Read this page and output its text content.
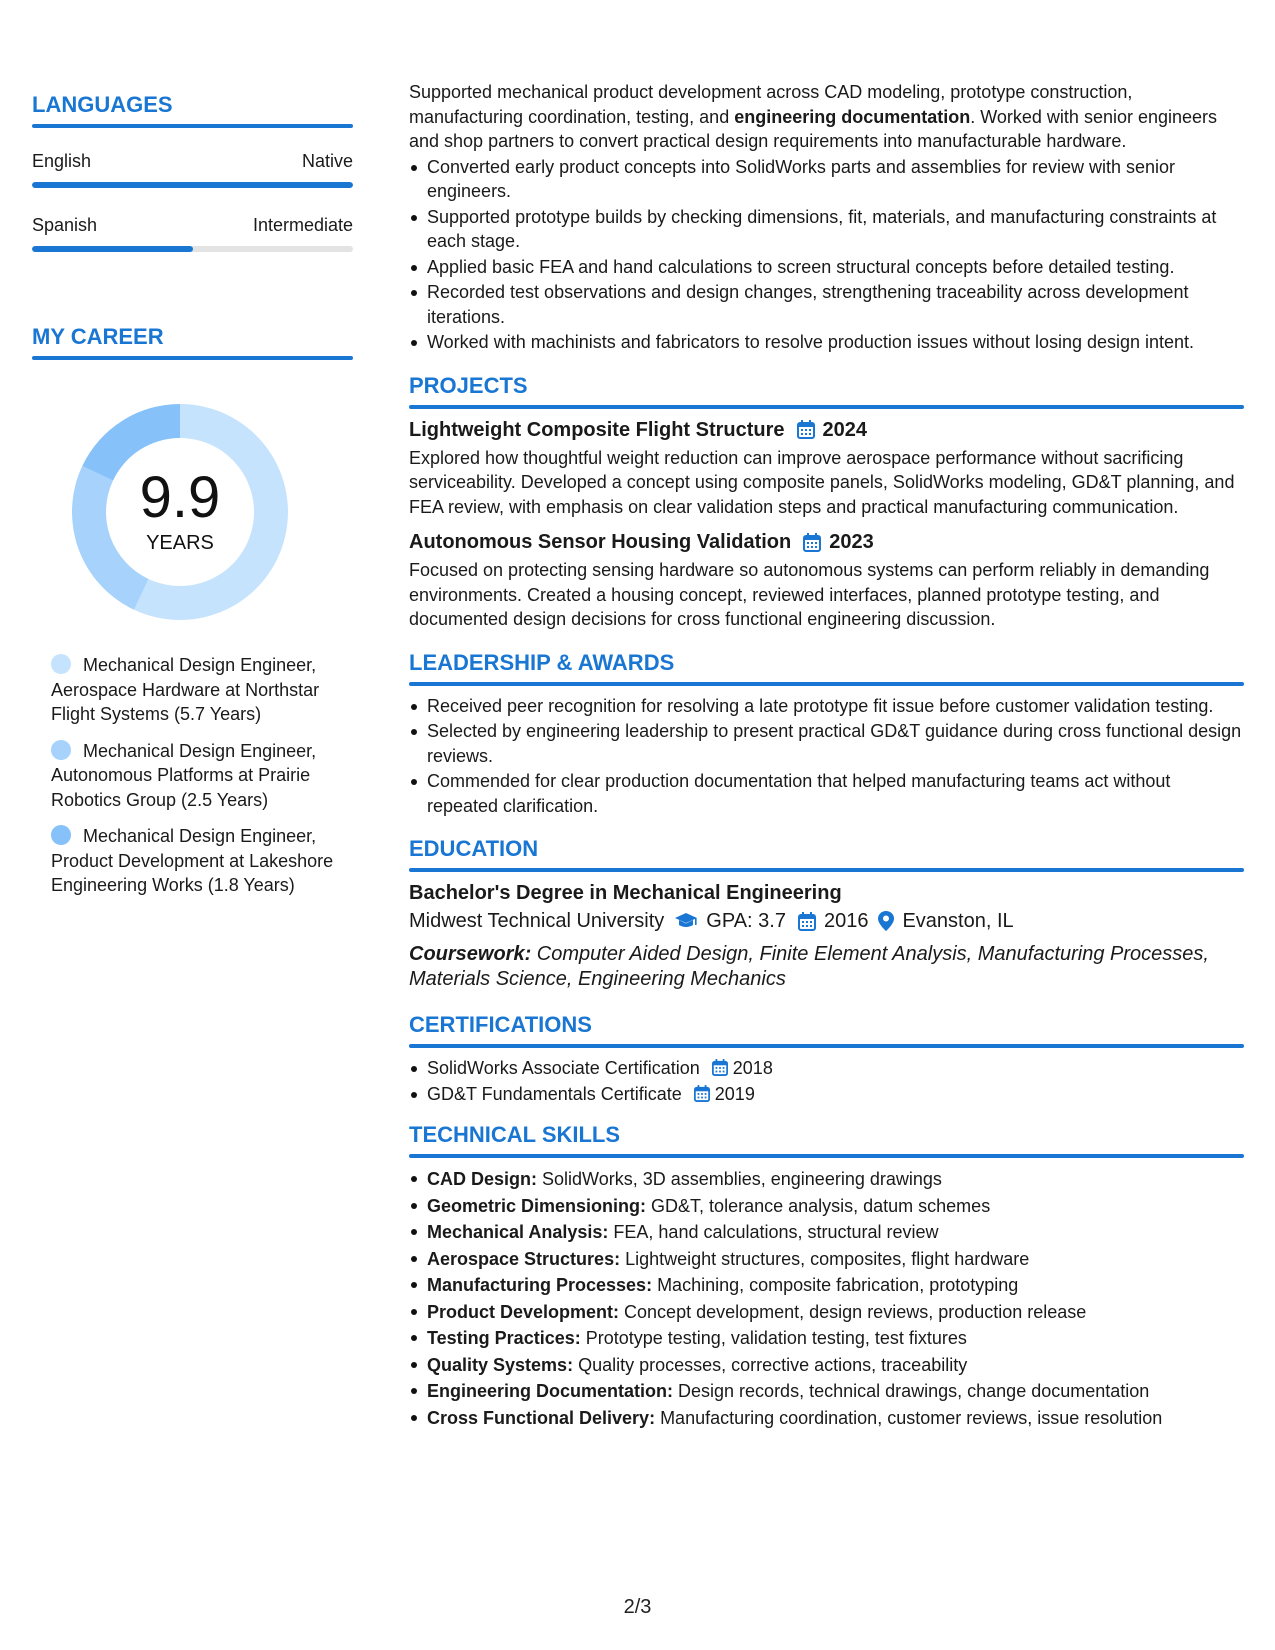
LANGUAGES
English	Native
Spanish	Intermediate
MY CAREER
9.9
YEARS
Mechanical Design Engineer, Aerospace Hardware at Northstar Flight Systems (5.7 Years)
Mechanical Design Engineer, Autonomous Platforms at Prairie Robotics Group (2.5 Years)
Mechanical Design Engineer, Product Development at Lakeshore Engineering Works (1.8 Years)

Supported mechanical product development across CAD modeling, prototype construction, manufacturing coordination, testing, and engineering documentation. Worked with senior engineers and shop partners to convert practical design requirements into manufacturable hardware.

Converted early product concepts into SolidWorks parts and assemblies for review with senior engineers.
Supported prototype builds by checking dimensions, fit, materials, and manufacturing constraints at each stage.
Applied basic FEA and hand calculations to screen structural concepts before detailed testing.
Recorded test observations and design changes, strengthening traceability across development iterations.
Worked with machinists and fabricators to resolve production issues without losing design intent.
PROJECTS
Lightweight Composite Flight Structure 2024

Explored how thoughtful weight reduction can improve aerospace performance without sacrificing serviceability. Developed a concept using composite panels, SolidWorks modeling, GD&T planning, and FEA review, with emphasis on clear validation steps and practical manufacturing communication.

Autonomous Sensor Housing Validation 2023

Focused on protecting sensing hardware so autonomous systems can perform reliably in demanding environments. Created a housing concept, reviewed interfaces, planned prototype testing, and documented design decisions for cross functional engineering discussion.

LEADERSHIP & AWARDS
Received peer recognition for resolving a late prototype fit issue before customer validation testing.
Selected by engineering leadership to present practical GD&T guidance during cross functional design reviews.
Commended for clear production documentation that helped manufacturing teams act without repeated clarification.
EDUCATION
Bachelor's Degree in Mechanical Engineering
Midwest Technical University GPA: 3.7 2016 Evanston, IL
Coursework: Computer Aided Design, Finite Element Analysis, Manufacturing Processes, Materials Science, Engineering Mechanics
CERTIFICATIONS
SolidWorks Associate Certification 2018
GD&T Fundamentals Certificate 2019
TECHNICAL SKILLS
CAD Design: SolidWorks, 3D assemblies, engineering drawings
Geometric Dimensioning: GD&T, tolerance analysis, datum schemes
Mechanical Analysis: FEA, hand calculations, structural review
Aerospace Structures: Lightweight structures, composites, flight hardware
Manufacturing Processes: Machining, composite fabrication, prototyping
Product Development: Concept development, design reviews, production release
Testing Practices: Prototype testing, validation testing, test fixtures
Quality Systems: Quality processes, corrective actions, traceability
Engineering Documentation: Design records, technical drawings, change documentation
Cross Functional Delivery: Manufacturing coordination, customer reviews, issue resolution
2/3
